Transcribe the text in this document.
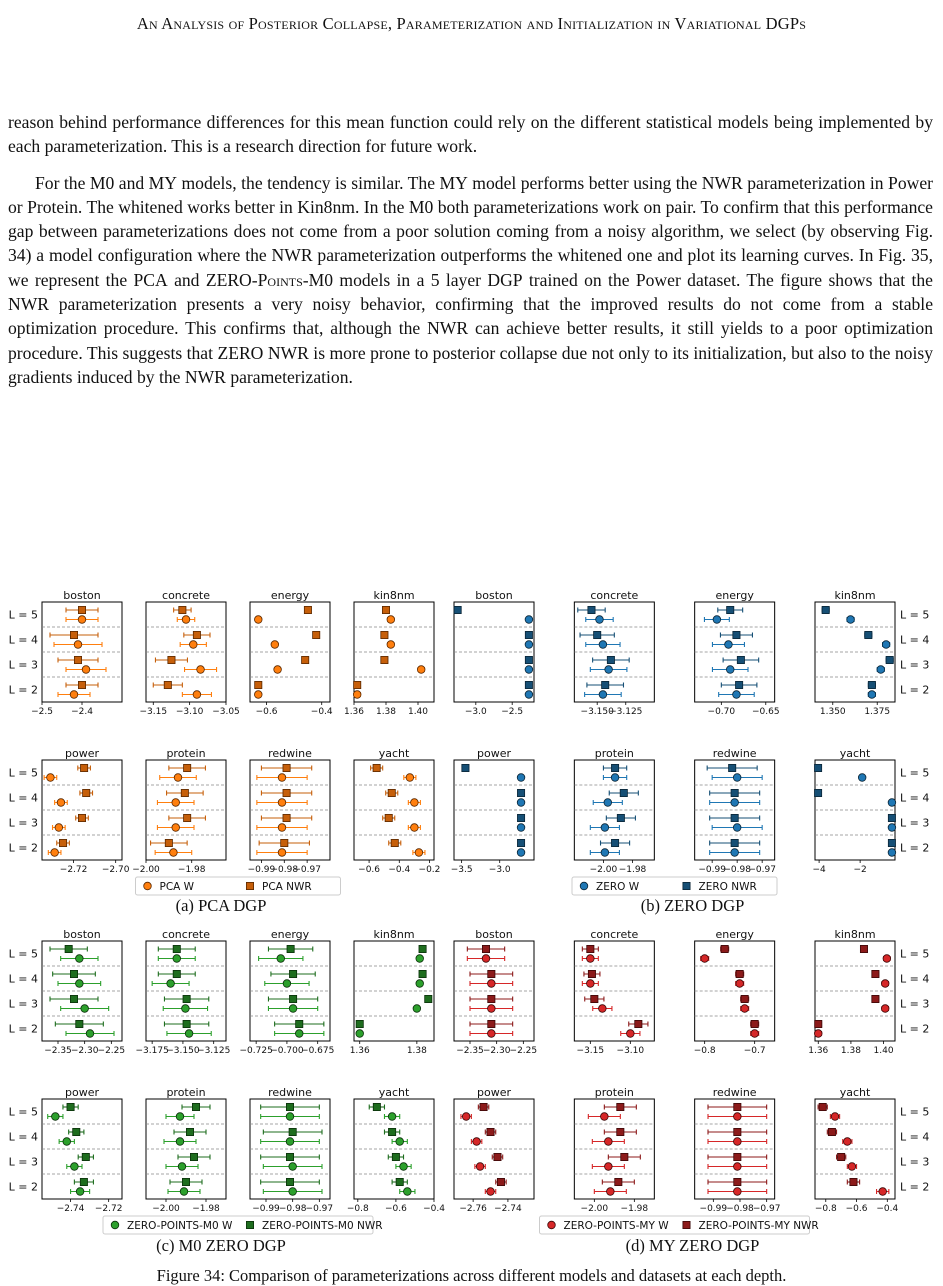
An Analysis of Posterior Collapse, Parameterization and Initialization in Variational DGPs

reason behind performance differences for this mean function could rely on the different statistical models being implemented by each parameterization. This is a research direction for future work.

For the M0 and MY models, the tendency is similar. The MY model performs better using the NWR parameterization in Power or Protein. The whitened works better in Kin8nm. In the M0 both parameterizations work on pair. To confirm that this performance gap between parameterizations does not come from a poor solution coming from a noisy algorithm, we select (by observing Fig. 34) a model configuration where the NWR parameterization outperforms the whitened one and plot its learning curves. In Fig. 35, we represent the PCA and ZERO-Points-M0 models in a 5 layer DGP trained on the Power dataset. The figure shows that the NWR parameterization presents a very noisy behavior, confirming that the improved results do not come from a stable optimization procedure. This confirms that, although the NWR can achieve better results, it still yields to a poor optimization procedure. This suggests that ZERO NWR is more prone to posterior collapse due not only to its initialization, but also to the noisy gradients induced by the NWR parameterization.

L = 5
L = 4
L = 3
L = 2
boston
−2.5 −2.4
concrete
−3.15 −3.10 −3.05
energy
−0.6	−0.4
kin8nm
1.36 1.38 1.40
L = 5
L = 4
L = 3
L = 2
power
−2.72 −2.70
protein
−2.00 −1.98
redwine
−0.99
−0.98
−0.97
yacht
−0.6 −0.4 −0.2
PCA W	PCA NWR
L = 5
L = 4
L = 3
L = 2
boston
−3.0 −2.5
concrete
−3.150
−3.125
energy
−0.70 −0.65
kin8nm
1.350 1.375
L = 5
L = 4
L = 3
L = 2
power
−3.5 −3.0
protein
−2.00 −1.98
redwine
−0.99
−0.98
−0.97
yacht
−4	−2
ZERO W	ZERO NWR
L = 5
L = 4
L = 3
L = 2
boston
−2.35 −2.30 −2.25
concrete
−3.175
−3.150
−3.125
energy
−0.725
−0.700
−0.675
kin8nm
1.36	1.38
L = 5
L = 4
L = 3
L = 2
power
−2.74 −2.72
protein
−2.00 −1.98
redwine
−0.99 −0.98 −0.97
yacht
−0.8 −0.6 −0.4
ZERO-POINTS-M0 W	ZERO-POINTS-M0 NWR
L = 5
L = 4
L = 3
L = 2
boston
−2.35 −2.30 −2.25
concrete
−3.15 −3.10
energy
−0.8	−0.7
kin8nm
1.36 1.38 1.40
L = 5
L = 4
L = 3
L = 2
power
−2.76 −2.74
protein
−2.00 −1.98
redwine
−0.99 −0.98 −0.97
yacht
−0.8 −0.6 −0.4
ZERO-POINTS-MY W	ZERO-POINTS-MY NWR
(a) PCA DGP	(b) ZERO DGP
(c) M0 ZERO DGP	(d) MY ZERO DGP
Figure 34: Comparison of parameterizations across different models and datasets at each depth.
